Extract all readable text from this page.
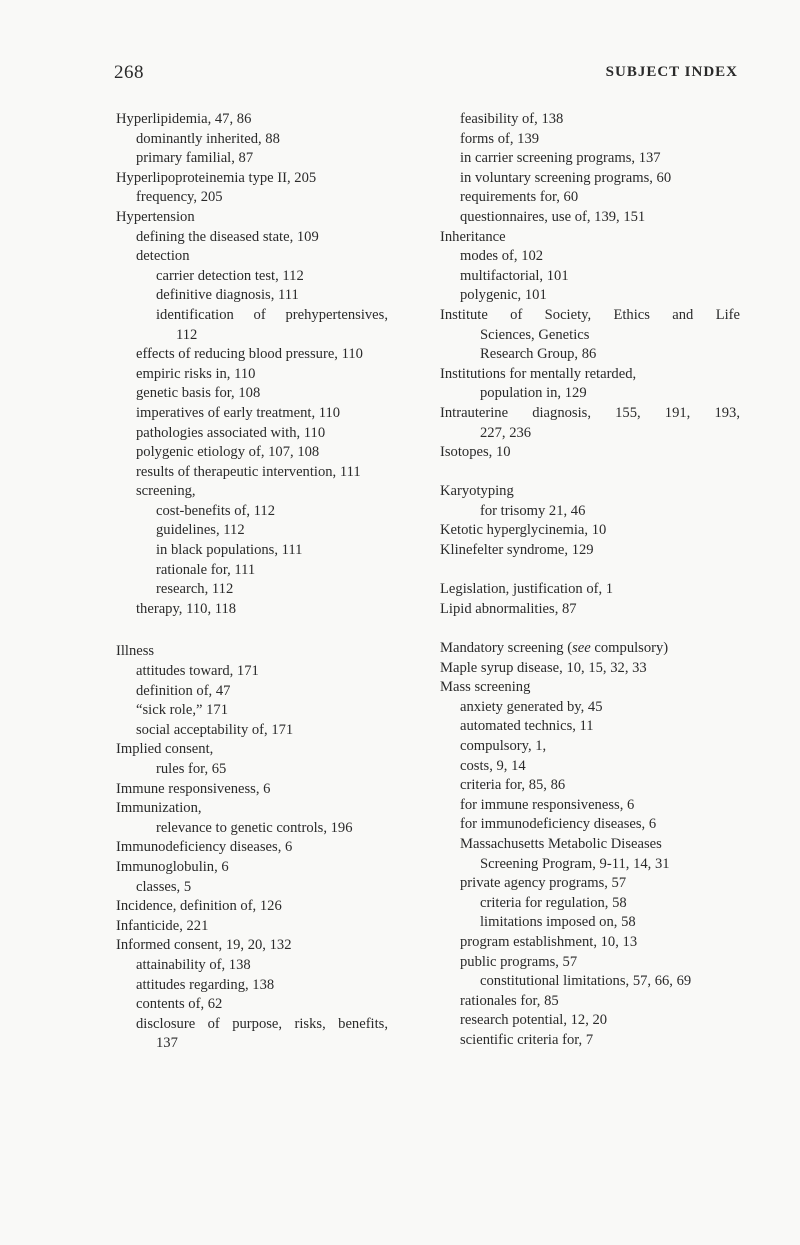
268	SUBJECT INDEX
Hyperlipidemia, 47, 86
dominantly inherited, 88
primary familial, 87
Hyperlipoproteinemia type II, 205
frequency, 205
Hypertension
defining the diseased state, 109
detection
carrier detection test, 112
definitive diagnosis, 111
identification of prehypertensives,
112
effects of reducing blood pressure, 110
empiric risks in, 110
genetic basis for, 108
imperatives of early treatment, 110
pathologies associated with, 110
polygenic etiology of, 107, 108
results of therapeutic intervention, 111
screening,
cost-benefits of, 112
guidelines, 112
in black populations, 111
rationale for, 111
research, 112
therapy, 110, 118
Illness
attitudes toward, 171
definition of, 47
“sick role,” 171
social acceptability of, 171
Implied consent,
rules for, 65
Immune responsiveness, 6
Immunization,
relevance to genetic controls, 196
Immunodeficiency diseases, 6
Immunoglobulin, 6
classes, 5
Incidence, definition of, 126
Infanticide, 221
Informed consent, 19, 20, 132
attainability of, 138
attitudes regarding, 138
contents of, 62
disclosure of purpose, risks, benefits,
137
feasibility of, 138
forms of, 139
in carrier screening programs, 137
in voluntary screening programs, 60
requirements for, 60
questionnaires, use of, 139, 151
Inheritance
modes of, 102
multifactorial, 101
polygenic, 101
Institute of Society, Ethics and Life
Sciences, Genetics
Research Group, 86
Institutions for mentally retarded,
population in, 129
Intrauterine diagnosis, 155, 191, 193,
227, 236
Isotopes, 10
Karyotyping
for trisomy 21, 46
Ketotic hyperglycinemia, 10
Klinefelter syndrome, 129
Legislation, justification of, 1
Lipid abnormalities, 87
Mandatory screening (see compulsory)
Maple syrup disease, 10, 15, 32, 33
Mass screening
anxiety generated by, 45
automated technics, 11
compulsory, 1,
costs, 9, 14
criteria for, 85, 86
for immune responsiveness, 6
for immunodeficiency diseases, 6
Massachusetts Metabolic Diseases
Screening Program, 9-11, 14, 31
private agency programs, 57
criteria for regulation, 58
limitations imposed on, 58
program establishment, 10, 13
public programs, 57
constitutional limitations, 57, 66, 69
rationales for, 85
research potential, 12, 20
scientific criteria for, 7
